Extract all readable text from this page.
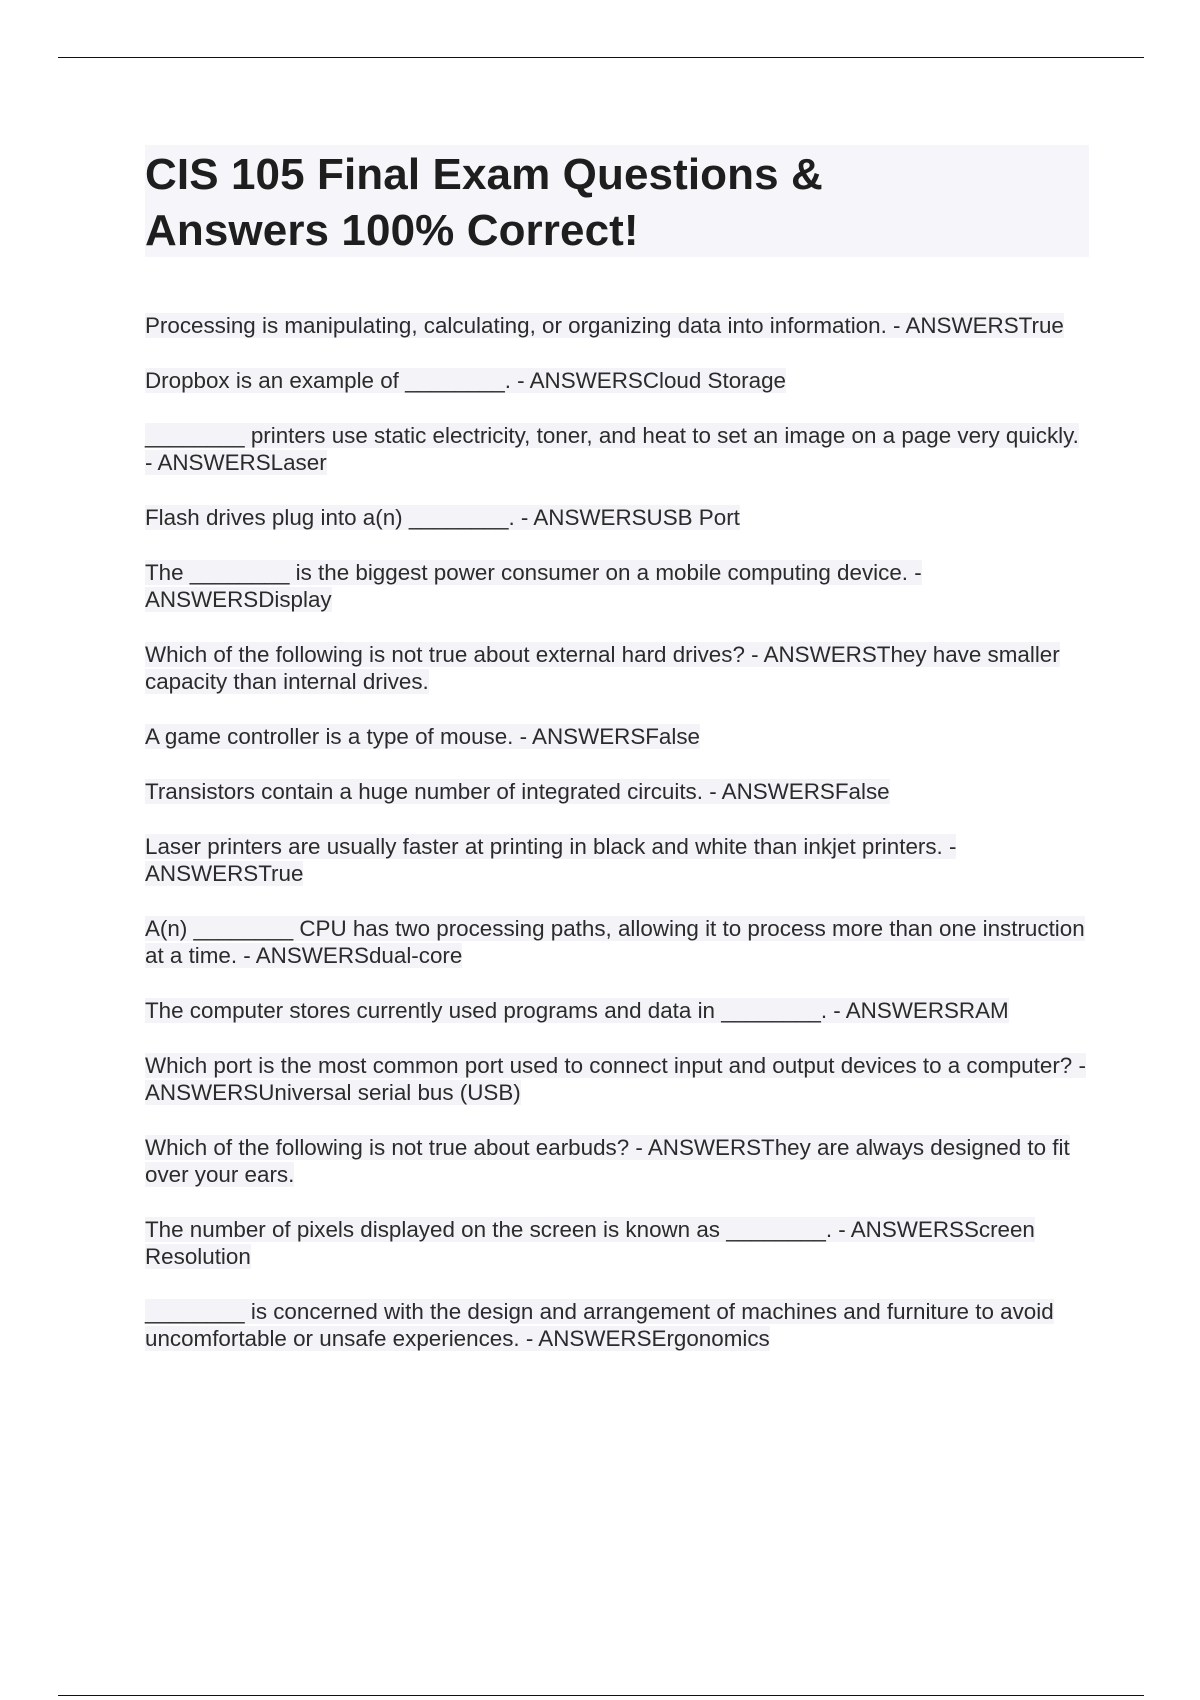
CIS 105 Final Exam Questions &
Answers 100% Correct!
Processing is manipulating, calculating, or organizing data into information. - ANSWERSTrue
Dropbox is an example of ________. - ANSWERSCloud Storage
________ printers use static electricity, toner, and heat to set an image on a page very quickly. - ANSWERSLaser
Flash drives plug into a(n) ________. - ANSWERSUSB Port
The ________ is the biggest power consumer on a mobile computing device. - ANSWERSDisplay
Which of the following is not true about external hard drives? - ANSWERSThey have smaller capacity than internal drives.
A game controller is a type of mouse. - ANSWERSFalse
Transistors contain a huge number of integrated circuits. - ANSWERSFalse
Laser printers are usually faster at printing in black and white than inkjet printers. - ANSWERSTrue
A(n) ________ CPU has two processing paths, allowing it to process more than one instruction at a time. - ANSWERSdual-core
The computer stores currently used programs and data in ________. - ANSWERSRAM
Which port is the most common port used to connect input and output devices to a computer? - ANSWERSUniversal serial bus (USB)
Which of the following is not true about earbuds? - ANSWERSThey are always designed to fit over your ears.
The number of pixels displayed on the screen is known as ________. - ANSWERSScreen Resolution
________ is concerned with the design and arrangement of machines and furniture to avoid uncomfortable or unsafe experiences. - ANSWERSErgonomics
